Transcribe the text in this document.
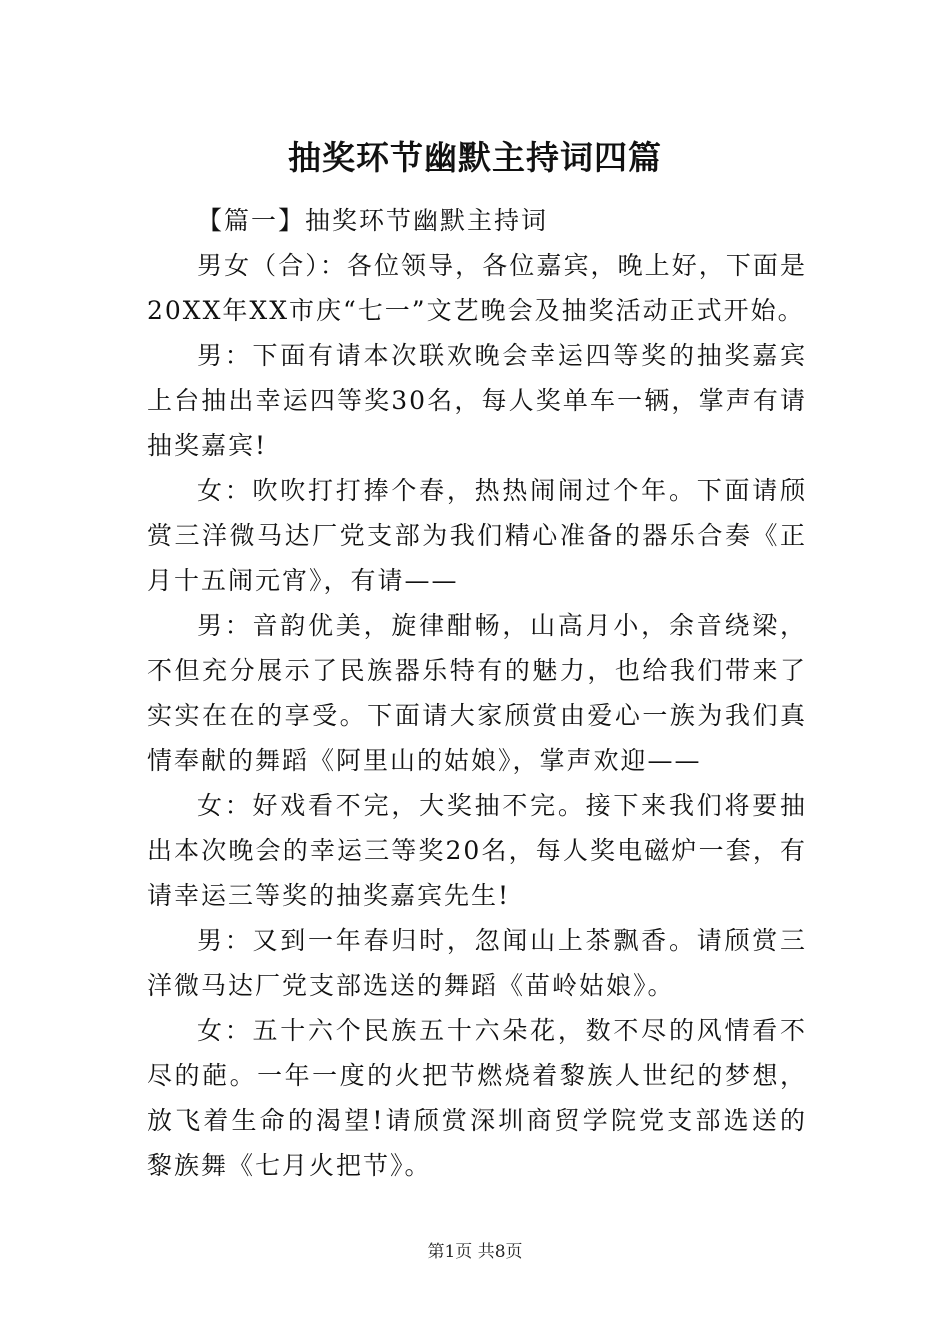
抽奖环节幽默主持词四篇

【篇一】抽奖环节幽默主持词

男女（合）：各位领导，各位嘉宾，晚上好，下面是20XX年XX市庆“七一”文艺晚会及抽奖活动正式开始。

男：下面有请本次联欢晚会幸运四等奖的抽奖嘉宾上台抽出幸运四等奖30名，每人奖单车一辆，掌声有请抽奖嘉宾!

女：吹吹打打捧个春，热热闹闹过个年。下面请颀赏三洋微马达厂党支部为我们精心准备的器乐合奏《正月十五闹元宵》，有请——

男：音韵优美，旋律酣畅，山高月小，余音绕梁，不但充分展示了民族器乐特有的魅力，也给我们带来了实实在在的享受。下面请大家颀赏由爱心一族为我们真情奉献的舞蹈《阿里山的姑娘》，掌声欢迎——

女：好戏看不完，大奖抽不完。接下来我们将要抽出本次晚会的幸运三等奖20名，每人奖电磁炉一套，有请幸运三等奖的抽奖嘉宾先生!

男：又到一年春归时，忽闻山上茶飘香。请颀赏三洋微马达厂党支部选送的舞蹈《苗岭姑娘》。

女：五十六个民族五十六朵花，数不尽的风情看不尽的葩。一年一度的火把节燃烧着黎族人世纪的梦想，放飞着生命的渴望!请颀赏深圳商贸学院党支部选送的黎族舞《七月火把节》。

第1页 共8页
